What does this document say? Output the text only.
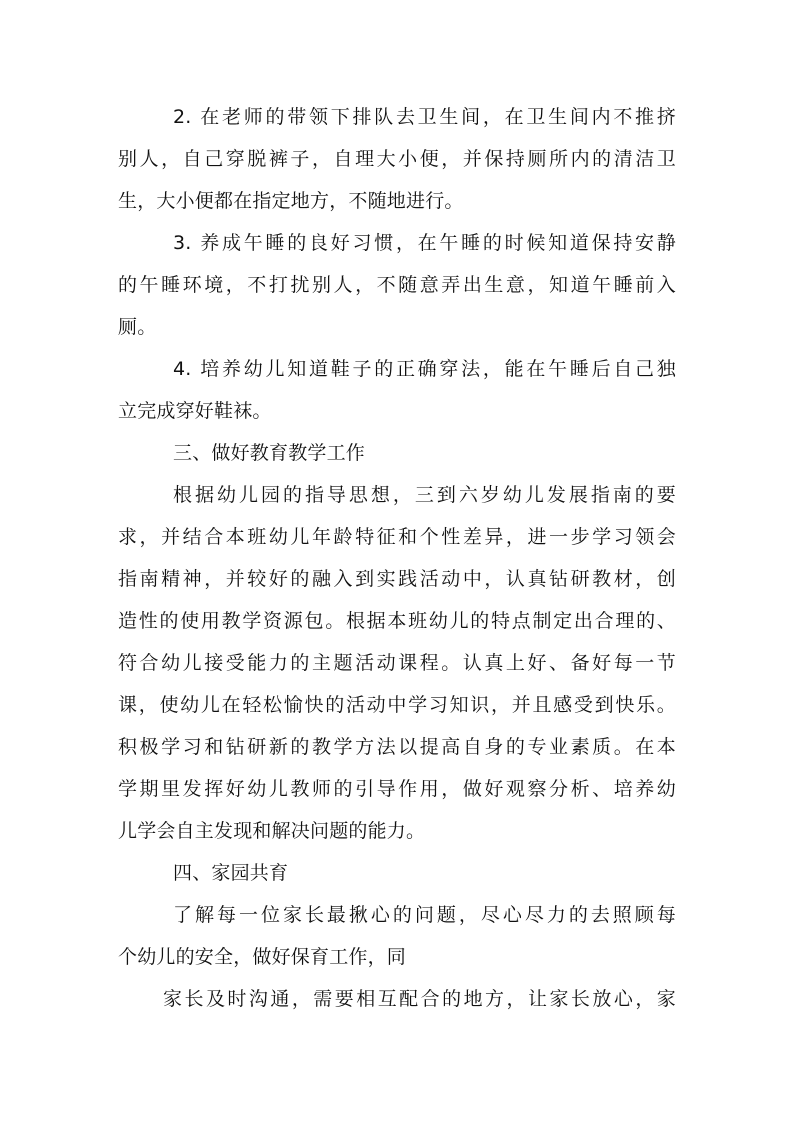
2. 在老师的带领下排队去卫生间，在卫生间内不推挤
别人，自己穿脱裤子，自理大小便，并保持厕所内的清洁卫
生，大小便都在指定地方，不随地进行。
3. 养成午睡的良好习惯，在午睡的时候知道保持安静
的午睡环境，不打扰别人，不随意弄出生意，知道午睡前入
厕。
4. 培养幼儿知道鞋子的正确穿法，能在午睡后自己独
立完成穿好鞋袜。
三、做好教育教学工作
根据幼儿园的指导思想，三到六岁幼儿发展指南的要
求，并结合本班幼儿年龄特征和个性差异，进一步学习领会
指南精神，并较好的融入到实践活动中，认真钻研教材，创
造性的使用教学资源包。根据本班幼儿的特点制定出合理的、
符合幼儿接受能力的主题活动课程。认真上好、备好每一节
课，使幼儿在轻松愉快的活动中学习知识，并且感受到快乐。
积极学习和钻研新的教学方法以提高自身的专业素质。在本
学期里发挥好幼儿教师的引导作用，做好观察分析、培养幼
儿学会自主发现和解决问题的能力。
四、家园共育
了解每一位家长最揪心的问题，尽心尽力的去照顾每
个幼儿的安全，做好保育工作，同
家长及时沟通，需要相互配合的地方，让家长放心，家
